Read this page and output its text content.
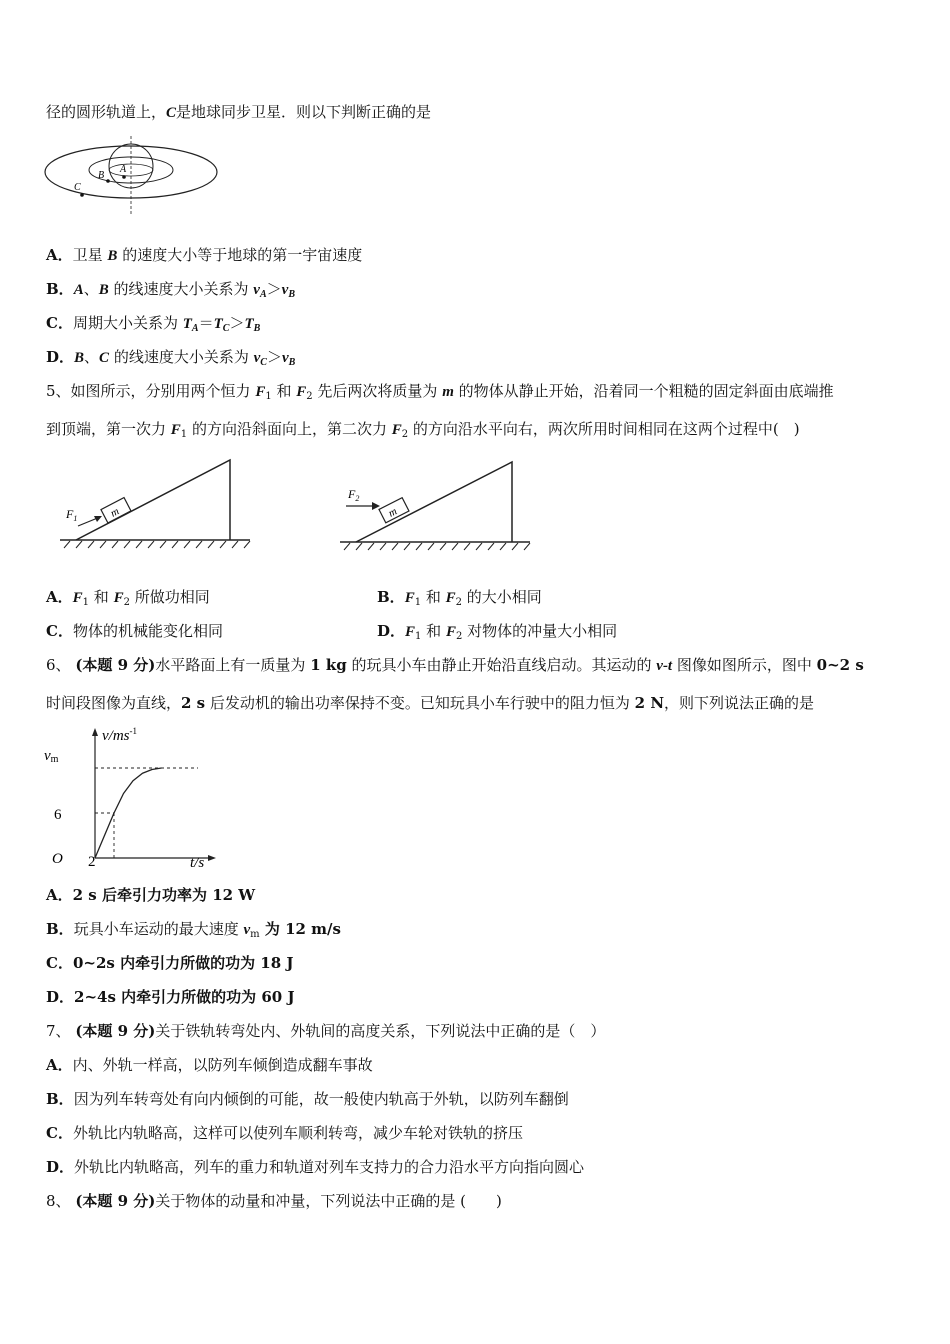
径的圆形轨道上，C是地球同步卫星．则以下判断正确的是
A
B
C
A．卫星 B 的速度大小等于地球的第一宇宙速度
B．A、B 的线速度大小关系为 $v_A>v_B$
C．周期大小关系为 $T_A=T_C>T_B$
D．B、C 的线速度大小关系为 $v_C>v_B$
5、如图所示，分别用两个恒力 $F_1$ 和 $F_2$ 先后两次将质量为 m 的物体从静止开始，沿着同一个粗糙的固定斜面由底端推
到顶端，第一次力 $F_1$ 的方向沿斜面向上，第二次力 $F_2$ 的方向沿水平向右，两次所用时间相同在这两个过程中(　)
m
$F_1$	m
$F_2$
A．$F_1$ 和 $F_2$ 所做功相同	B．$F_1$ 和 $F_2$ 的大小相同
C．物体的机械能变化相同	D．$F_1$ 和 $F_2$ 对物体的冲量大小相同
6、 (本题 9 分)水平路面上有一质量为 1 kg 的玩具小车由静止开始沿直线启动。其运动的 v-t 图像如图所示，图中 0~2 s
时间段图像为直线，2 s 后发动机的输出功率保持不变。已知玩具小车行驶中的阻力恒为 2 N，则下列说法正确的是
$v/ms^{-1}$
t/s
O
vm
6
2
A．2 s 后牵引力功率为 12 W
B．玩具小车运动的最大速度 $v_m$ 为 12 m/s
C．0~2s 内牵引力所做的功为 18 J
D．2~4s 内牵引力所做的功为 60 J
7、 (本题 9 分)关于铁轨转弯处内、外轨间的高度关系，下列说法中正确的是（　）
A．内、外轨一样高，以防列车倾倒造成翻车事故
B．因为列车转弯处有向内倾倒的可能，故一般使内轨高于外轨，以防列车翻倒
C．外轨比内轨略高，这样可以使列车顺利转弯，减少车轮对铁轨的挤压
D．外轨比内轨略高，列车的重力和轨道对列车支持力的合力沿水平方向指向圆心
8、 (本题 9 分)关于物体的动量和冲量，下列说法中正确的是 (　　)
